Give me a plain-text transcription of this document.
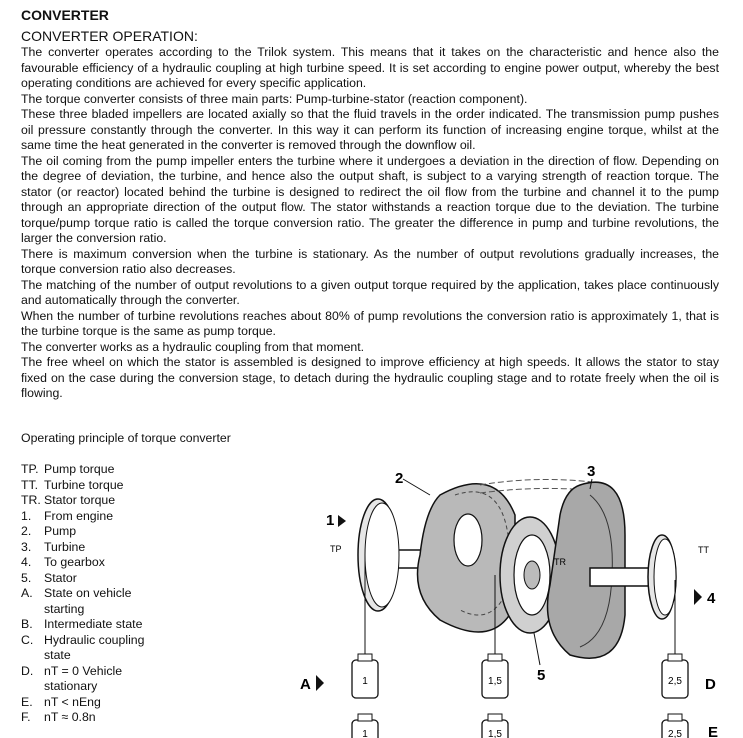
CONVERTER
CONVERTER OPERATION:

The converter operates according to the Trilok system. This means that it takes on the characteristic and hence also the favourable efficiency of a hydraulic coupling at high turbine speed. It is set according to engine power output, whereby the best operating conditions are achieved for every specific application.

The torque converter consists of three main parts: Pump-turbine-stator (reaction component).

These three bladed impellers are located axially so that the fluid travels in the order indicated. The transmission pump pushes oil pressure constantly through the converter. In this way it can perform its function of increasing engine torque, whilst at the same time the heat generated in the converter is removed through the downflow oil.

The oil coming from the pump impeller enters the turbine where it undergoes a deviation in the direction of flow. Depending on the degree of deviation, the turbine, and hence also the output shaft, is subject to a varying strength of reaction torque. The stator (or reactor) located behind the turbine is designed to redirect the oil flow from the turbine and channel it to the pump through an appropriate direction of the output flow. The stator withstands a reaction torque due to the deviation. The turbine torque/pump torque ratio is called the torque conversion ratio. The greater the difference in pump and turbine revolutions, the larger the conversion ratio.

There is maximum conversion when the turbine is stationary. As the number of output revolutions gradually increases, the torque conversion ratio also decreases.

The matching of the number of output revolutions to a given output torque required by the application, takes place continuously and automatically through the converter.

When the number of turbine revolutions reaches about 80% of pump revolutions the conversion ratio is approximately 1, that is the turbine torque is the same as pump torque.

The converter works as a hydraulic coupling from that moment.

The free wheel on which the stator is assembled is designed to improve efficiency at high speeds. It allows the stator to stay fixed on the case during the conversion stage, to detach during the hydraulic coupling stage and to rotate freely when the oil is flowing.

Operating principle of torque converter
TP. Pump torque
TT. Turbine torque
TR. Stator torque
1.	From engine
2.	Pump
3.	Turbine
4.	To gearbox
5.	Stator
A. State on vehicle starting
B. Intermediate state
C. Hydraulic coupling state
D. nT = 0 Vehicle stationary
E. nT < nEng
F.	nT ≈ 0.8n
1	1,5	2,5
1	1,5	2,5
2	3
1
4
5
TP
TR
TT
A	D
E
